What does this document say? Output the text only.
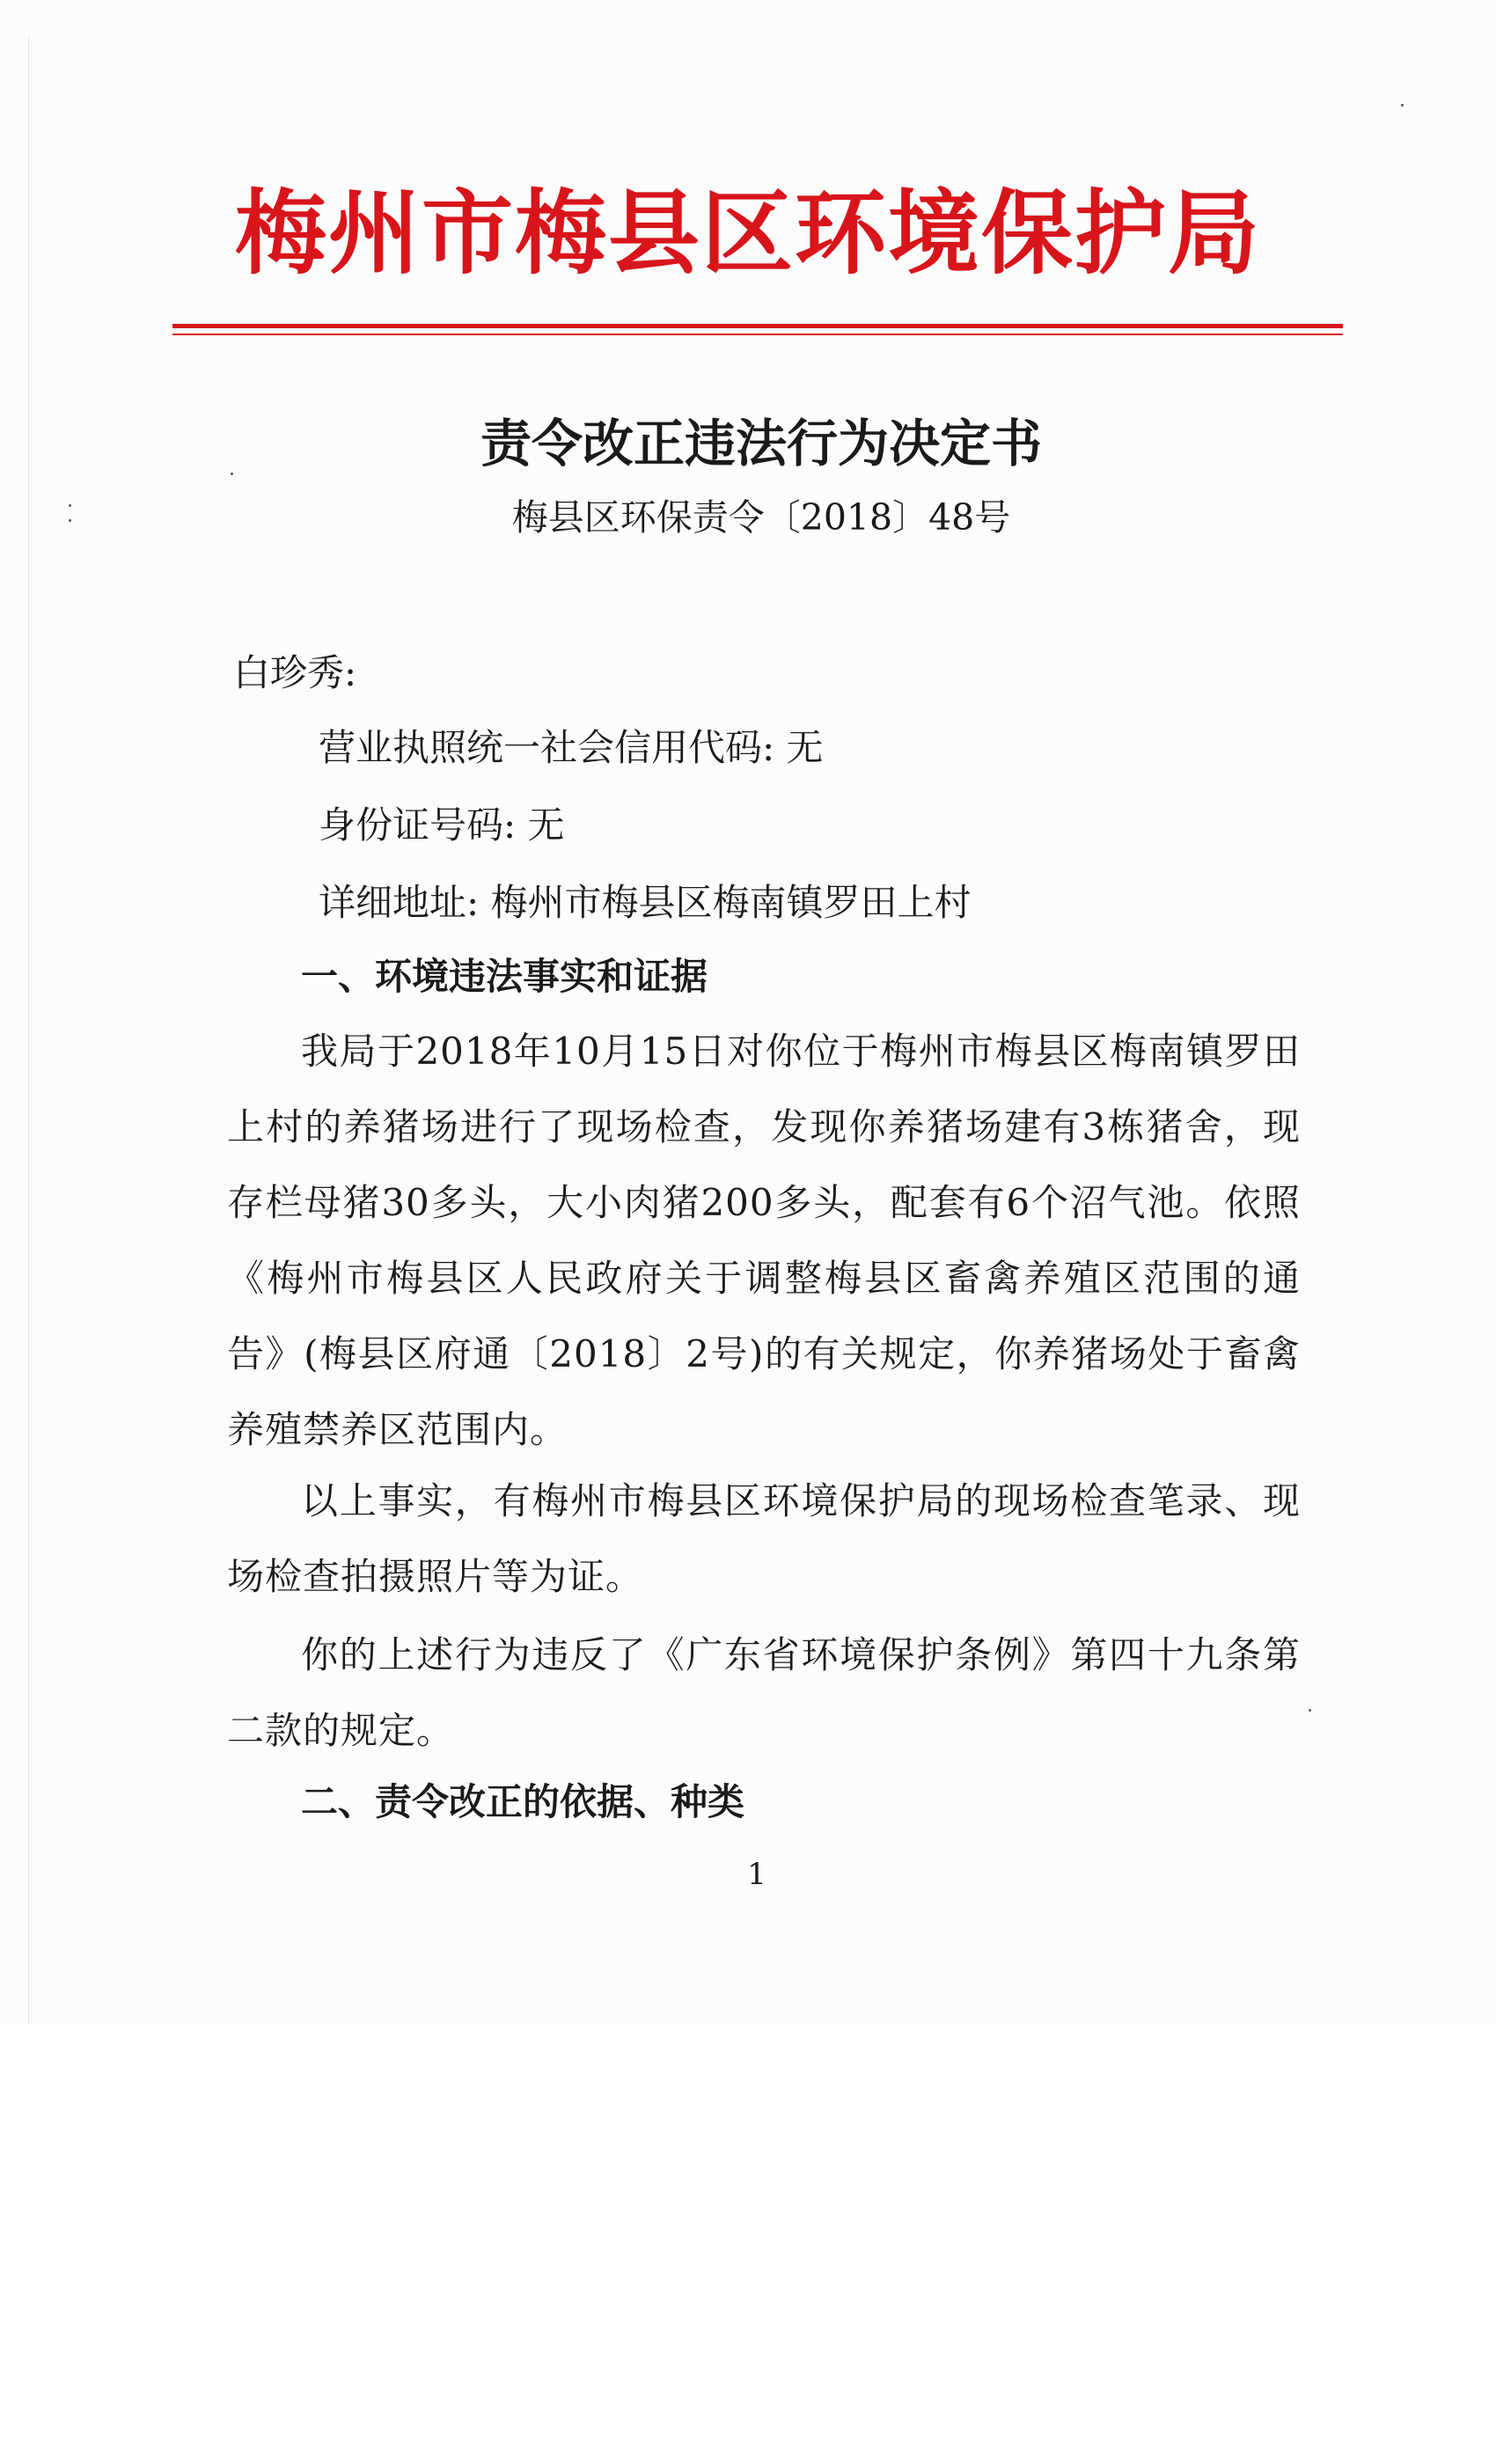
梅州市梅县区环境保护局
责令改正违法行为决定书
梅县区环保责令〔2018〕48号
白珍秀:
营业执照统一社会信用代码: 无
身份证号码: 无
详细地址: 梅州市梅县区梅南镇罗田上村
一、环境违法事实和证据
我局于2018年10月15日对你位于梅州市梅县区梅南镇罗田上村的养猪场进行了现场检查，发现你养猪场建有3栋猪舍，现存栏母猪30多头，大小肉猪200多头，配套有6个沼气池。依照《梅州市梅县区人民政府关于调整梅县区畜禽养殖区范围的通告》(梅县区府通〔2018〕2号)的有关规定，你养猪场处于畜禽养殖禁养区范围内。
以上事实，有梅州市梅县区环境保护局的现场检查笔录、现场检查拍摄照片等为证。
你的上述行为违反了《广东省环境保护条例》第四十九条第二款的规定。
二、责令改正的依据、种类
1
